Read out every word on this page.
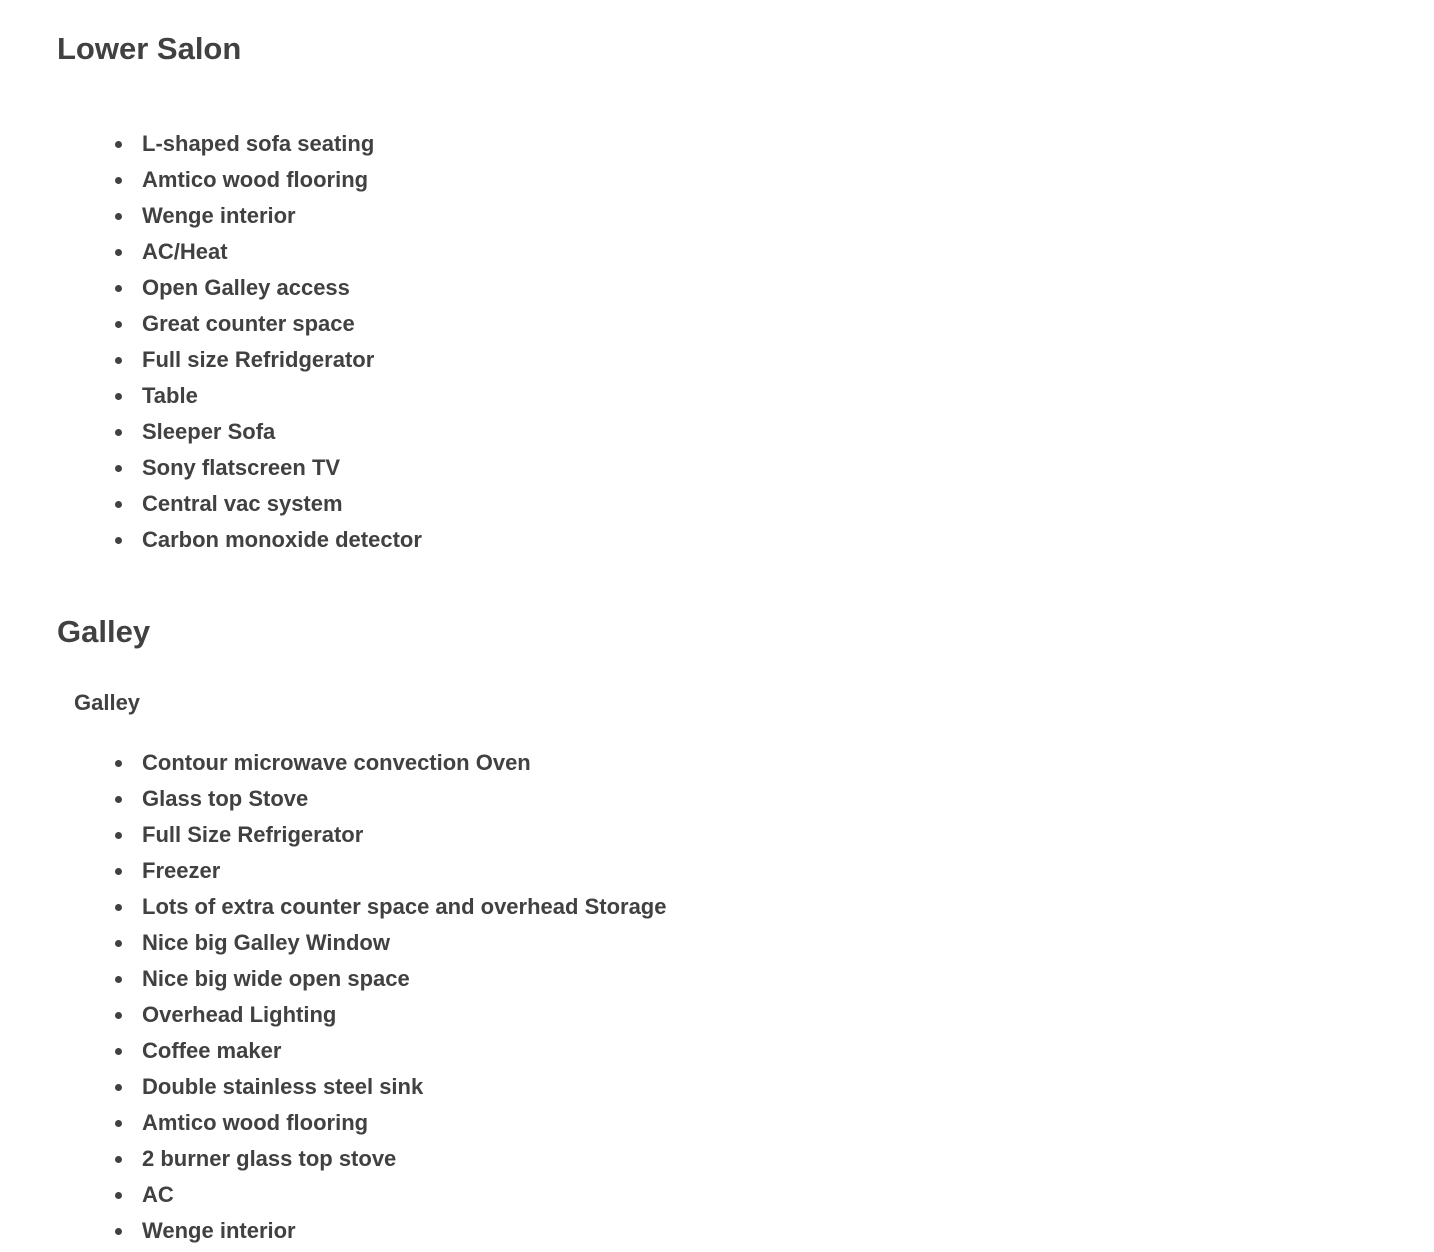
Lower Salon
L-shaped sofa seating
Amtico wood flooring
Wenge interior
AC/Heat
Open Galley access
Great counter space
Full size Refridgerator
Table
Sleeper Sofa
Sony flatscreen TV
Central vac system
Carbon monoxide detector
Galley
Galley
Contour microwave convection Oven
Glass top Stove
Full Size Refrigerator
Freezer
Lots of extra counter space and overhead Storage
Nice big Galley Window
Nice big wide open space
Overhead Lighting
Coffee maker
Double stainless steel sink
Amtico wood flooring
2 burner glass top stove
AC
Wenge interior
